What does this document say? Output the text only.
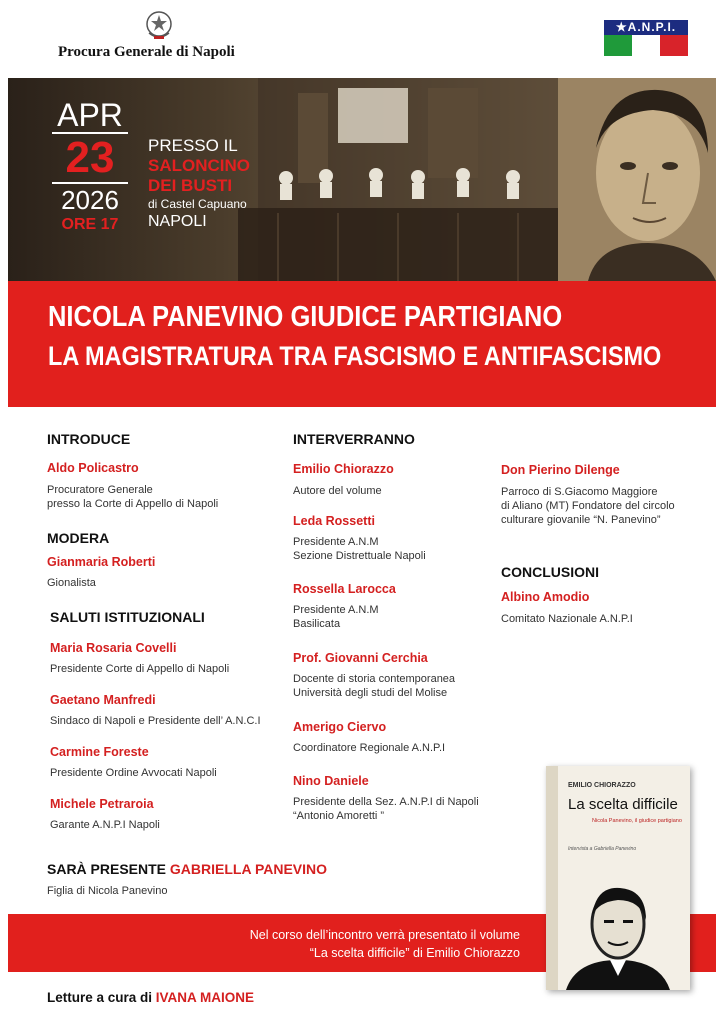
Procura Generale di Napoli
★A.N.P.I.
APR
23
2026
ORE 17
PRESSO IL
SALONCINO
DEI BUSTI
di Castel Capuano
NAPOLI
NICOLA PANEVINO GIUDICE PARTIGIANO
LA MAGISTRATURA TRA FASCISMO E ANTIFASCISMO
INTRODUCE
Aldo Policastro
Procuratore Generale
presso la Corte di Appello di Napoli
MODERA
Gianmaria Roberti
Gionalista
SALUTI ISTITUZIONALI
Maria Rosaria Covelli
Presidente Corte di Appello di Napoli
Gaetano Manfredi
Sindaco di Napoli e Presidente dell’ A.N.C.I
Carmine Foreste
Presidente Ordine Avvocati Napoli
Michele Petraroia
Garante A.N.P.I Napoli
INTERVERRANNO
Emilio Chiorazzo
Autore del volume
Leda Rossetti
Presidente A.N.M
Sezione Distrettuale Napoli
Rossella Larocca
Presidente A.N.M
Basilicata
Prof. Giovanni Cerchia
Docente di storia contemporanea
Università degli studi del Molise
Amerigo Ciervo
Coordinatore Regionale A.N.P.I
Nino Daniele
Presidente della Sez. A.N.P.I di Napoli
“Antonio Amoretti ”
Don Pierino Dilenge
Parroco di S.Giacomo Maggiore
di Aliano (MT) Fondatore del circolo
culturare giovanile “N. Panevino”
CONCLUSIONI
Albino Amodio
Comitato Nazionale A.N.P.I
SARÀ PRESENTE GABRIELLA PANEVINO
Figlia di Nicola Panevino
Nel corso dell’incontro verrà presentato il volume
“La scelta difficile” di Emilio Chiorazzo
Letture a cura di IVANA MAIONE
EMILIO CHIORAZZO
La scelta difficile
Nicola Panevino, il giudice partigiano
Intervista a Gabriella Panevino
